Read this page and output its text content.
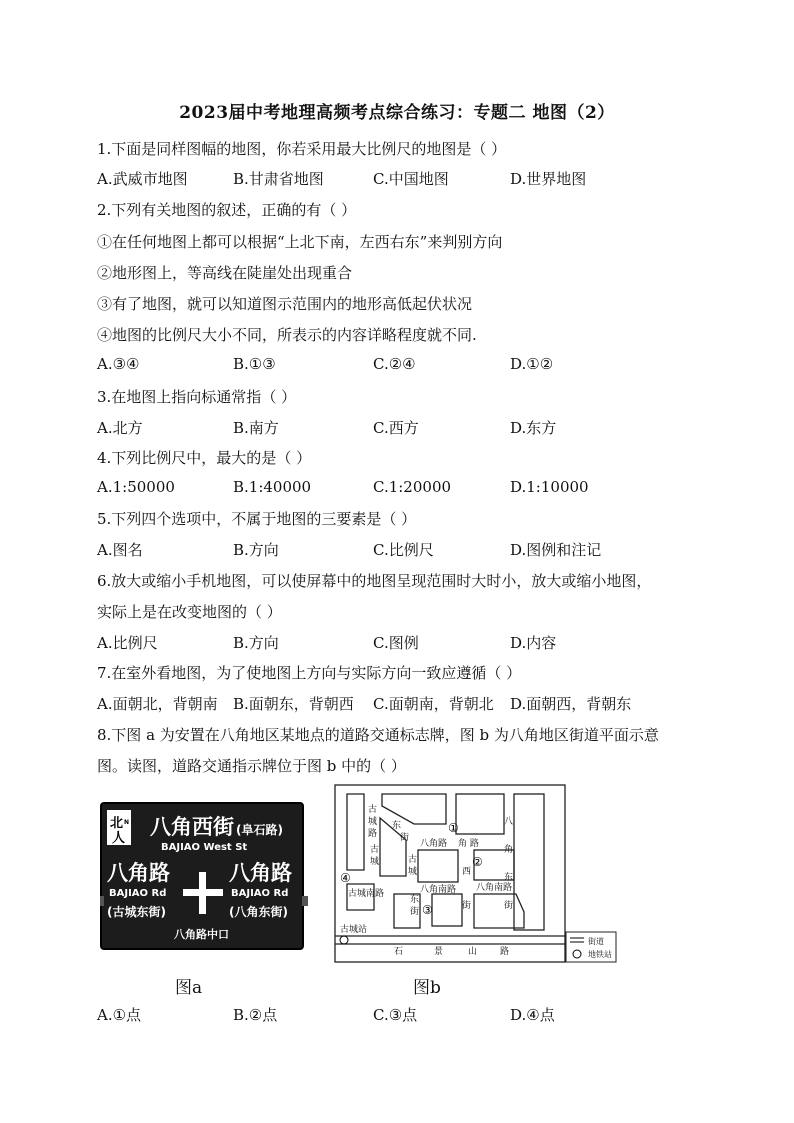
2023届中考地理高频考点综合练习：专题二 地图（2）
1.下面是同样图幅的地图，你若采用最大比例尺的地图是（ ）
A.武威市地图	B.甘肃省地图	C.中国地图	D.世界地图
2.下列有关地图的叙述，正确的有（ ）
①在任何地图上都可以根据“上北下南，左西右东”来判别方向
②地形图上，等高线在陡崖处出现重合
③有了地图，就可以知道图示范围内的地形高低起伏状况
④地图的比例尺大小不同，所表示的内容详略程度就不同.
A.③④	B.①③	C.②④	D.①②
3.在地图上指向标通常指（ ）
A.北方	B.南方	C.西方	D.东方
4.下列比例尺中，最大的是（ ）
A.1:50000	B.1:40000	C.1:20000	D.1:10000
5.下列四个选项中，不属于地图的三要素是（ ）
A.图名	B.方向	C.比例尺	D.图例和注记
6.放大或缩小手机地图，可以使屏幕中的地图呈现范围时大时小，放大或缩小地图，
实际上是在改变地图的（ ）
A.比例尺	B.方向	C.图例	D.内容
7.在室外看地图，为了使地图上方向与实际方向一致应遵循（ ）
A.面朝北，背朝南 B.面朝东，背朝西 C.面朝南，背朝北 D.面朝西，背朝东
8.下图 a 为安置在八角地区某地点的道路交通标志牌，图 b 为八角地区街道平面示意
图。读图，道路交通指示牌位于图 b 中的（ ）
北 N
人 八角西街 (阜石路)
BAJIAO West St
八角路
BAJIAO Rd
(古城东街)
八角路
BAJIAO Rd
(八角东街)
八角路中口
图a
古
城
路
东
街
古
城	古
城
东
街
八角路 角 路
西
街
八角南路 八角南路
古城南路
古城站
八
角
东
街
石	景	山	路
①
②
③
④
街道
地铁站
图b
A.①点	B.②点	C.③点	D.④点
